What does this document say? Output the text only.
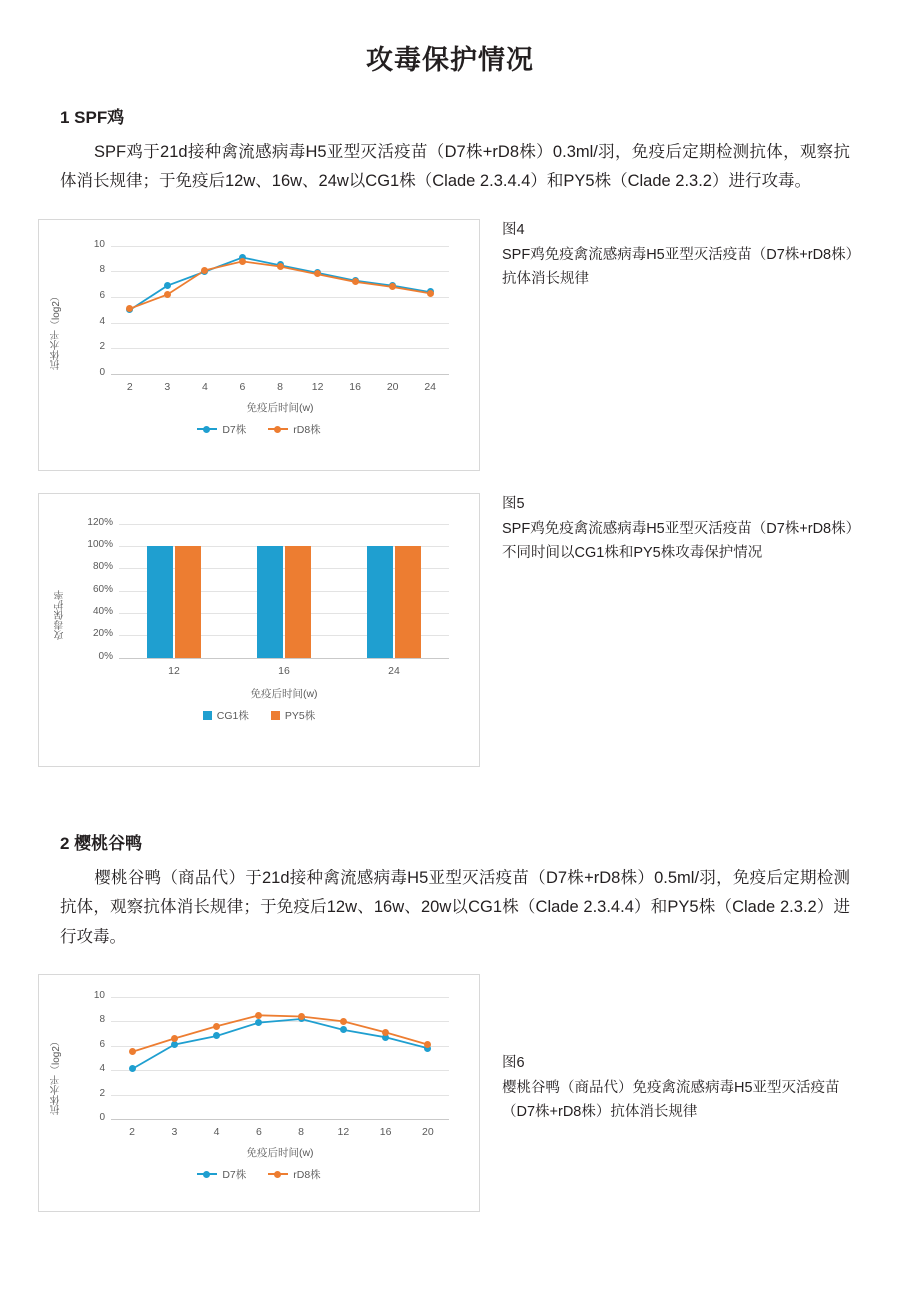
攻毒保护情况
1 SPF鸡

SPF鸡于21d接种禽流感病毒H5亚型灭活疫苗（D7株+rD8株）0.3ml/羽，免疫后定期检测抗体，观察抗体消长规律；于免疫后12w、16w、24w以CG1株（Clade 2.3.4.4）和PY5株（Clade 2.3.2）进行攻毒。

0
2
4
6
8
10
2	3	4	6	8	12	16	20	24
免疫后时间(w)
抗体水平（log2）
D7株	rD8株
图4
SPF鸡免疫禽流感病毒H5亚型灭活疫苗（D7株+rD8株）抗体消长规律
0%
20%
40%
60%
80%
100%
120%
12	16	24
免疫后时间(w)
攻毒保护率
CG1株	PY5株
图5
SPF鸡免疫禽流感病毒H5亚型灭活疫苗（D7株+rD8株）不同时间以CG1株和PY5株攻毒保护情况
2 樱桃谷鸭

樱桃谷鸭（商品代）于21d接种禽流感病毒H5亚型灭活疫苗（D7株+rD8株）0.5ml/羽，免疫后定期检测抗体，观察抗体消长规律；于免疫后12w、16w、20w以CG1株（Clade 2.3.4.4）和PY5株（Clade 2.3.2）进行攻毒。

0
2
4
6
8
10
2	3	4	6	8	12	16	20
免疫后时间(w)
抗体水平（log2）
D7株	rD8株
图6
樱桃谷鸭（商品代）免疫禽流感病毒H5亚型灭活疫苗（D7株+rD8株）抗体消长规律
